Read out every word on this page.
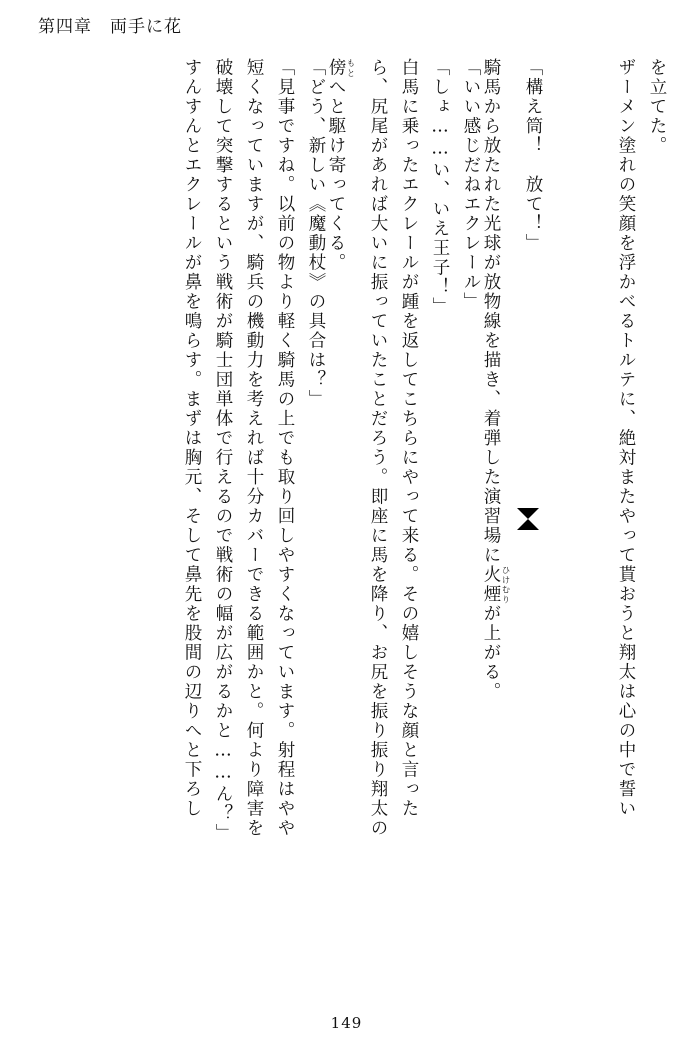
第四章 両手に花
を立てた。
ザーメン塗れの笑顔を浮かべるトルテに、絶対またやって貰おうと翔太は心の中で誓い
「構え筒！　放て！」
騎馬から放たれた光球が放物線を描き、着弾した演習場に火煙 ひけむりが上がる。
「いい感じだねエクレール」
「しょ……い、いえ王子！」
白馬に乗ったエクレールが踵を返してこちらにやって来る。その嬉しそうな顔と言った
ら、尻尾があれば大いに振っていたことだろう。即座に馬を降り、お尻を振り振り翔太の
傍 もとへと駆け寄ってくる。
「どう、新しい《魔動杖》の具合は？」
「見事ですね。以前の物より軽く騎馬の上でも取り回しやすくなっています。射程はやや
短くなっていますが、騎兵の機動力を考えれば十分カバーできる範囲かと。何より障害を
破壊して突撃するという戦術が騎士団単体で行えるので戦術の幅が広がるかと……ん？」
すんすんとエクレールが鼻を鳴らす。まずは胸元、そして鼻先を股間の辺りへと下ろし
149
